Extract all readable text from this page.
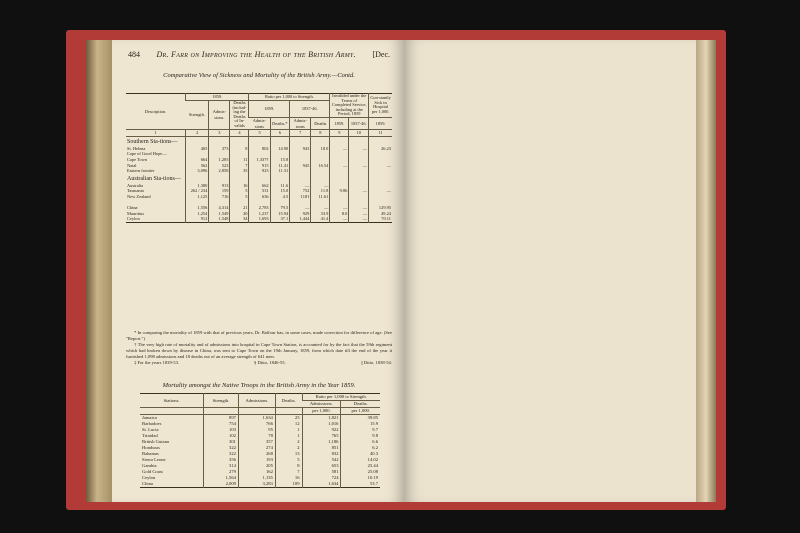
484 Dr. Farr on Improving the Health of the British Army. [Dec.
Comparative View of Sickness and Mortality of the British Army.—Contd.
Description.	1859.			Ratio per 1,000 to Strength.				Invalided under the Terms of Completed Service, including at the Period, 1859		Con-stantly Sick in Hospital per 1,000.
	Strength.	Admis-sions.	Deaths (includ-ing the Deaths of In-valids	1859.		1837-46.				
				Admis-sions	Deaths.*	Admis-sions	Deaths	1859.	1837-46.	1859.
1	2	3	4	5	6	7	8	9	10	11
Southern Sta-tions—										
St. Helena	465	373	8	802	14.90	943	18.0	—	—	26.23
Cape of Good Hope—										
Cape Town	664	1,205	11	1,337†	15.8					
Natal	562	523	7	915	11.41	945	16.54	—	—	—
Eastern frontier	3,096	2,858	35	923	11.31					
Australian Sta-tions—										
Australia	1,380	913	16	662	11.6	—	—			
Tasmania	262 / 234	159	5	531	15.0	752	11.8	9.86	—	—
New Zealand	1,125	716	5	636	4.5	1181	11.61			

China	1,556	4,314	21	2,783	79.5	—	—	—	—	129.95
Mauritius	1,254	1,549	20	1,237	15.94	929	33.9	8.0	—	49.24
Ceylon	912	1,548	34	1,693	37.1	1,444	41.4	—	—	70.11

* In comparing the mortality of 1859 with that of previous years, Dr. Balfour has, in some cases, made correction for difference of age. (See "Report.")

† The very high rate of mortality and of admissions into hospital in Cape Town Station, is accounted for by the fact that the 59th regiment which had broken down by disease in China, was sent to Cape Town on the 19th January, 1859, from which date till the end of the year it furnished 1,098 admissions and 18 deaths out of an average strength of 641 men.

‡ For the years 1839-53.	§ Ditto, 1846-55.	|| Ditto, 1838-54.

Mortality amongst the Native Troops in the British Army in the Year 1859.
Stations.	Strength.	Admissions.	Deaths.	Ratio per 1,000 to Strength.	
				Admissions.	Deaths.
				per 1,000.	per 1,000.
Jamaica	897	1,634	25	1,821	39.85
Barbadoes	754	766	12	1,016	15.9
St. Lucia	103	95	1	922	9.7
Trinidad	102	78	1	765	9.8
British Guiana	301	357	2	1,186	6.6
Honduras	322	274	2	851	6.2
Bahamas	322	268	13	832	40.3
Sierra Leone	356	193	5	542	14.02
Gambia	314	205	8	653	25.44
Gold Coast	279	162	7	581	25.08
Ceylon	1,564	1,135	16	724	10.19
China	2,009	3,283	109	1,634	53.7
